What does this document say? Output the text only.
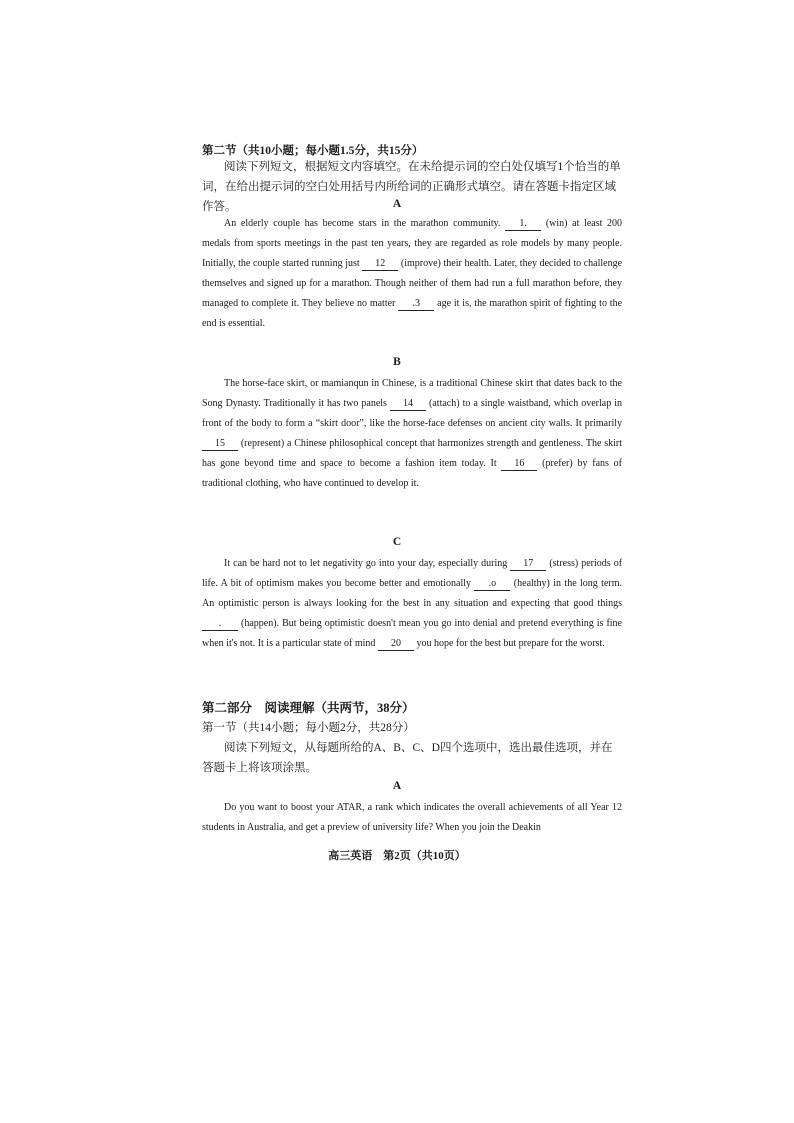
第二节（共10小题；每小题1.5分，共15分）
阅读下列短文，根据短文内容填空。在未给提示词的空白处仅填写1个恰当的单词，在给出提示词的空白处用括号内所给词的正确形式填空。请在答题卡指定区域作答。	A
An elderly couple has become stars in the marathon community. 1. (win) at least 200 medals from sports meetings in the past ten years, they are regarded as role models by many people. Initially, the couple started running just 12 (improve) their health. Later, they decided to challenge themselves and signed up for a marathon. Though neither of them had run a full marathon before, they managed to complete it. They believe no matter .3 age it is, the marathon spirit of fighting to the end is essential.
B
The horse-face skirt, or mamianqun in Chinese, is a traditional Chinese skirt that dates back to the Song Dynasty. Traditionally it has two panels 14 (attach) to a single waistband, which overlap in front of the body to form a “skirt door”, like the horse-face defenses on ancient city walls. It primarily 15 (represent) a Chinese philosophical concept that harmonizes strength and gentleness. The skirt has gone beyond time and space to become a fashion item today. It 16 (prefer) by fans of traditional clothing, who have continued to develop it.
C
It can be hard not to let negativity go into your day, especially during 17 (stress) periods of life. A bit of optimism makes you become better and emotionally .o (healthy) in the long term. An optimistic person is always looking for the best in any situation and expecting that good things . (happen). But being optimistic doesn't mean you go into denial and pretend everything is fine when it's not. It is a particular state of mind 20 you hope for the best but prepare for the worst.
第二部分　阅读理解（共两节，38分）
第一节（共14小题；每小题2分，共28分）
阅读下列短文，从每题所给的A、B、C、D四个选项中，选出最佳选项，并在答题卡上将该项涂黑。
A
Do you want to boost your ATAR, a rank which indicates the overall achievements of all Year 12 students in Australia, and get a preview of university life? When you join the Deakin
高三英语　第2页（共10页）
